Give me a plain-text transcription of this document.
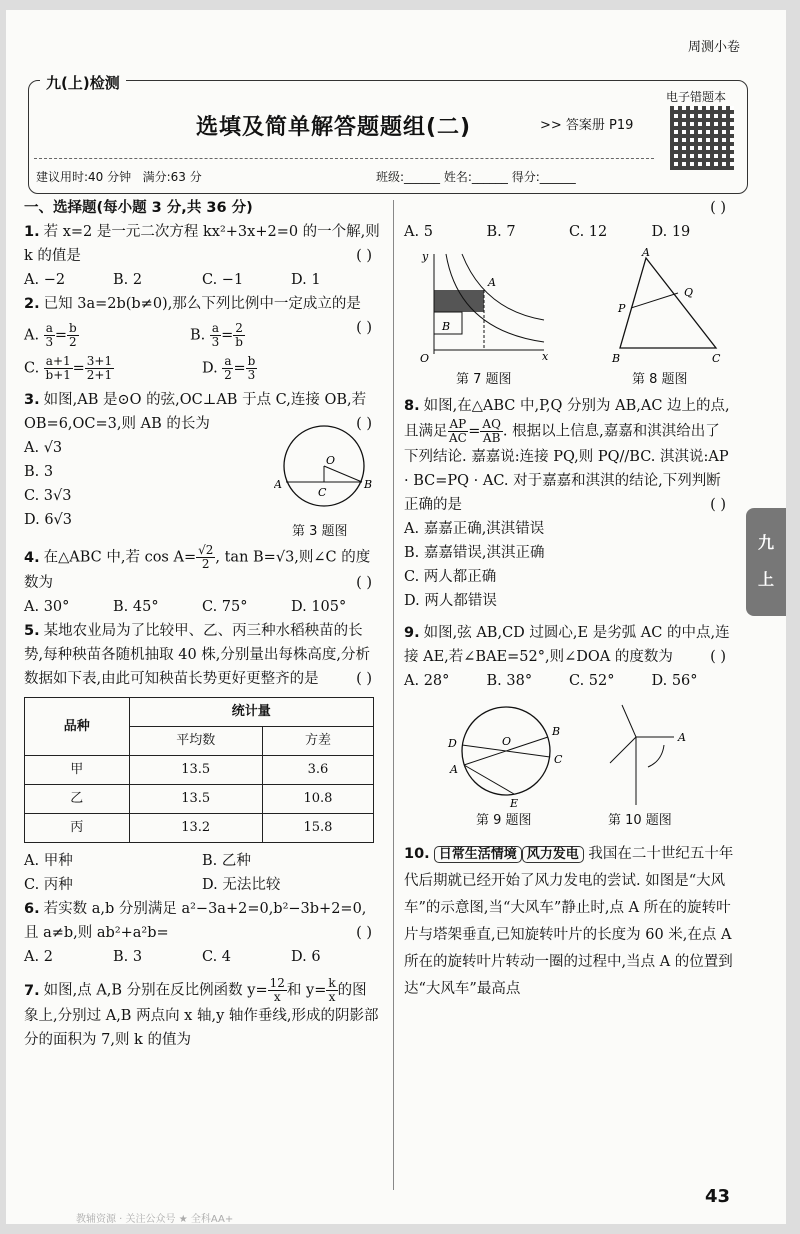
周测小卷
九(上)检测
选填及简单解答题题组(二)	>> 答案册 P19
电子错题本
建议用时:40 分钟 满分:63 分	班级:______ 姓名:______ 得分:______

一、选择题(每小题 3 分,共 36 分)

1. 若 x=2 是一元二次方程 kx²+3x+2=0 的一个解,则 k 的值是	( )

A. −2	B. 2	C. −1	D. 1

2. 已知 3a=2b(b≠0),那么下列比例中一定成立的是
( )

A. $\frac{a}{3} = \frac{b}{2}$	B. $\frac{a}{3} = \frac{2}{b}$
C. $\frac{a+1}{b+1} = \frac{3+1}{2+1}$	D. $\frac{a}{2} = \frac{b}{3}$

3. 如图,AB 是⊙O 的弦,OC⊥AB 于点 C,连接 OB,若 OB=6,OC=3,则 AB 的长为	( )

A. √3
B. 3
C. 3√3
D. 6√3
O
A	B
C
第 3 题图

4. 在△ABC 中,若 $\cos A= \frac{√2}{2}$ , tan B=√3,则∠C 的度数为	( )

A. 30°	B. 45°	C. 75°	D. 105°

5. 某地农业局为了比较甲、乙、丙三种水稻秧苗的长势,每种秧苗各随机抽取 40 株,分别量出每株高度,分析数据如下表,由此可知秧苗长势更好更整齐的是	( )

品种	统计量	
	平均数	方差
甲	13.5	3.6
乙	13.5	10.8
丙	13.2	15.8
A. 甲种	B. 乙种
C. 丙种	D. 无法比较

6. 若实数 a,b 分别满足 a²−3a+2=0,b²−3b+2=0,且 a≠b,则 ab²+a²b=	( )

A. 2	B. 3	C. 4	D. 6

7. 如图,点 A,B 分别在反比例函数 $y= \frac{12}{x}$ 和 $y= \frac{k}{x}$ 的图象上,分别过 A,B 两点向 x 轴,y 轴作垂线,形成的阴影部分的面积为 7,则 k 的值为

( )

A. 5	B. 7	C. 12	D. 19
A
B
O	x
y	A
P
Q
B	C
第 7 题图	第 8 题图

8. 如图,在△ABC 中,P,Q 分别为 AB,AC 边上的点,且满足 $\frac{AP}{AC} = \frac{AQ}{AB}$ . 根据以上信息,嘉嘉和淇淇给出了下列结论. 嘉嘉说:连接 PQ,则 PQ//BC. 淇淇说:AP · BC=PQ · AC. 对于嘉嘉和淇淇的结论,下列判断正确的是	( )

A. 嘉嘉正确,淇淇错误
B. 嘉嘉错误,淇淇正确
C. 两人都正确
D. 两人都错误

9. 如图,弦 AB,CD 过圆心,E 是劣弧 AC 的中点,连接 AE,若∠BAE=52°,则∠DOA 的度数为	( )

A. 28°	B. 38°	C. 52°	D. 56°
O
B
C
D
A
E
A
第 9 题图	第 10 题图

10. 日常生活情境 风力发电 我国在二十世纪五十年代后期就已经开始了风力发电的尝试. 如图是“大风车”的示意图,当“大风车”静止时,点 A 所在的旋转叶片与塔架垂直,已知旋转叶片的长度为 60 米,在点 A 所在的旋转叶片转动一圈的过程中,当点 A 的位置到达“大风车”最高点

九
上
43
教辅资源 · 关注公众号 ★ 全科AA+
